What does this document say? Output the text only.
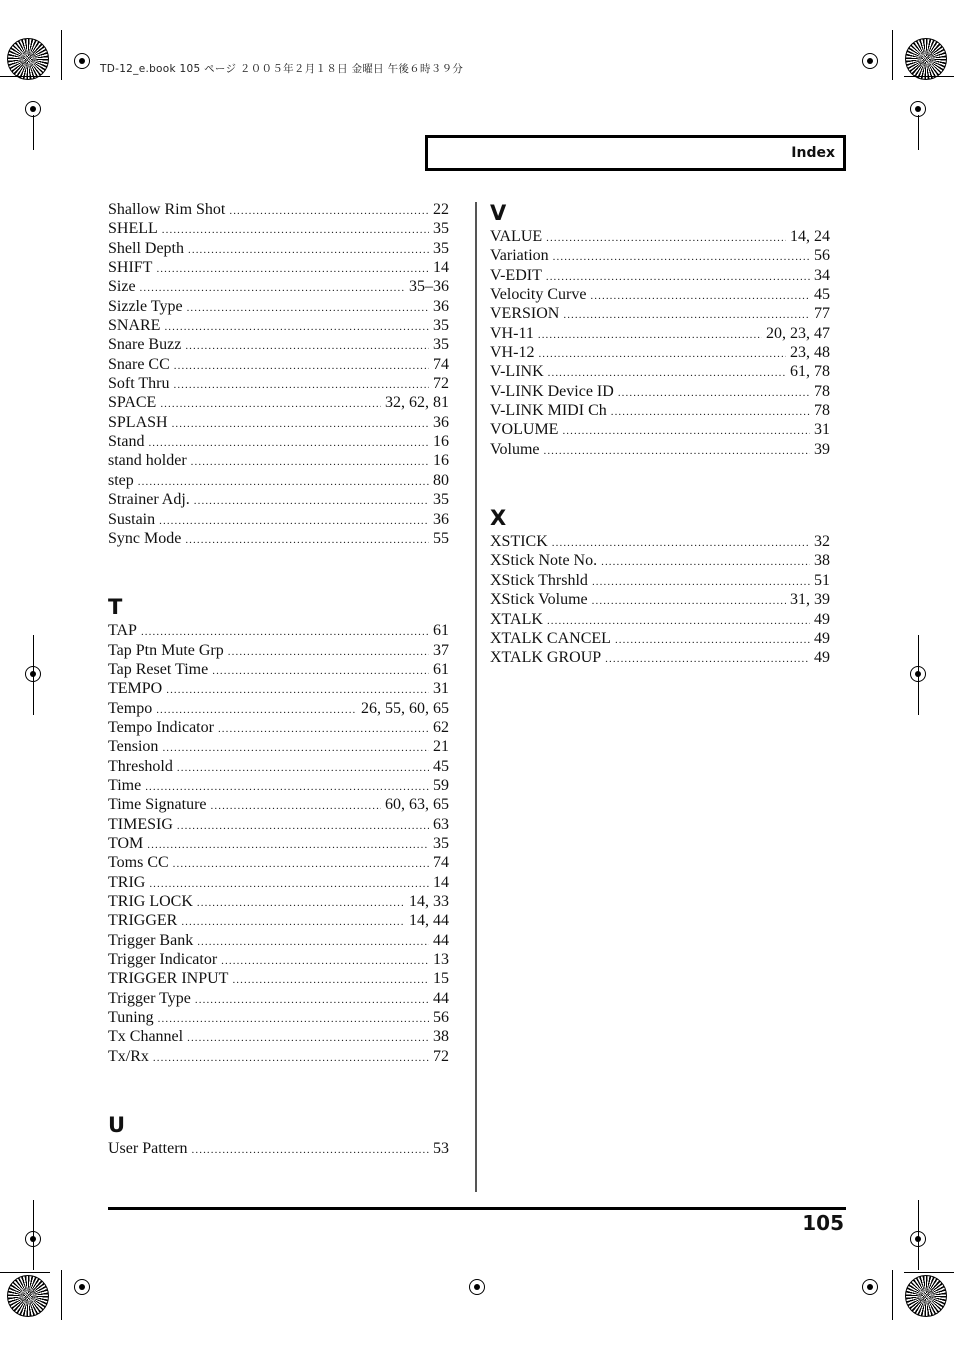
TD-12_e.book 105 ページ ２００５年２月１８日 金曜日 午後６時３９分
Index
Shallow Rim Shot .....	22
SHELL .....	35
Shell Depth .....	35
SHIFT .....	14
Size .....	35–36
Sizzle Type .....	36
SNARE .....	35
Snare Buzz .....	35
Snare CC .....	74
Soft Thru .....	72
SPACE .....	32, 62, 81
SPLASH .....	36
Stand .....	16
stand holder .....	16
step .....	80
Strainer Adj. .....	35
Sustain .....	36
Sync Mode .....	55
T
TAP .....	61
Tap Ptn Mute Grp .....	37
Tap Reset Time .....	61
TEMPO .....	31
Tempo .....	26, 55, 60, 65
Tempo Indicator .....	62
Tension .....	21
Threshold .....	45
Time .....	59
Time Signature .....	60, 63, 65
TIMESIG .....	63
TOM .....	35
Toms CC .....	74
TRIG .....	14
TRIG LOCK .....	14, 33
TRIGGER .....	14, 44
Trigger Bank .....	44
Trigger Indicator .....	13
TRIGGER INPUT .....	15
Trigger Type .....	44
Tuning .....	56
Tx Channel .....	38
Tx/Rx .....	72
U
User Pattern .....	53
V
VALUE .....	14, 24
Variation .....	56
V-EDIT .....	34
Velocity Curve .....	45
VERSION .....	77
VH-11 .....	20, 23, 47
VH-12 .....	23, 48
V-LINK .....	61, 78
V-LINK Device ID .....	78
V-LINK MIDI Ch .....	78
VOLUME .....	31
Volume .....	39
X
XSTICK .....	32
XStick Note No. .....	38
XStick Thrshld .....	51
XStick Volume .....	31, 39
XTALK .....	49
XTALK CANCEL .....	49
XTALK GROUP .....	49
105
